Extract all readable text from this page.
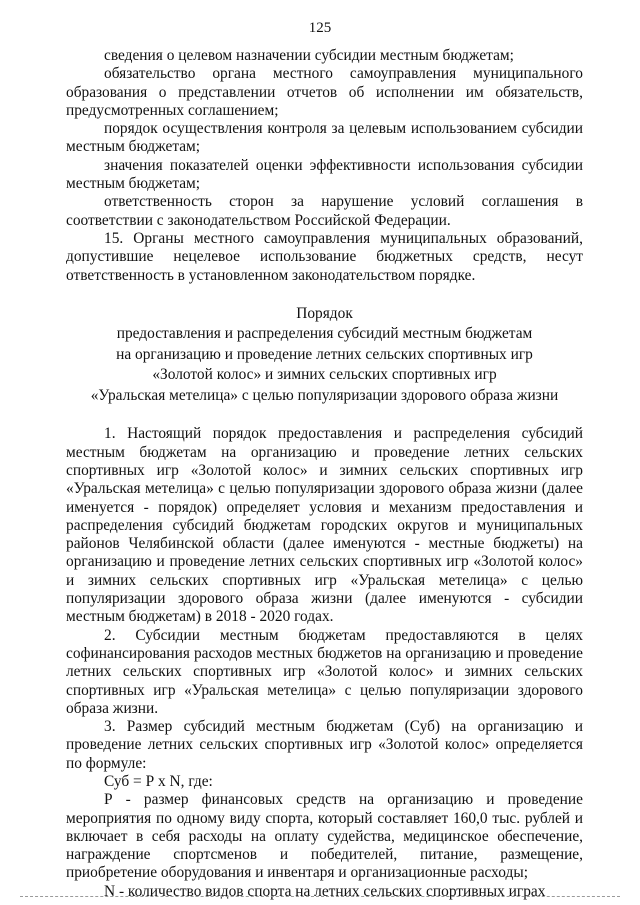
125

сведения о целевом назначении субсидии местным бюджетам;

обязательство органа местного самоуправления муниципального образования о представлении отчетов об исполнении им обязательств, предусмотренных соглашением;

порядок осуществления контроля за целевым использованием субсидии местным бюджетам;

значения показателей оценки эффективности использования субсидии местным бюджетам;

ответственность сторон за нарушение условий соглашения в соответствии с законодательством Российской Федерации.

15. Органы местного самоуправления муниципальных образований, допустившие нецелевое использование бюджетных средств, несут ответственность в установленном законодательством порядке.

Порядок
предоставления и распределения субсидий местным бюджетам
на организацию и проведение летних сельских спортивных игр
«Золотой колос» и зимних сельских спортивных игр
«Уральская метелица» с целью популяризации здорового образа жизни

1. Настоящий порядок предоставления и распределения субсидий местным бюджетам на организацию и проведение летних сельских спортивных игр «Золотой колос» и зимних сельских спортивных игр «Уральская метелица» с целью популяризации здорового образа жизни (далее именуется - порядок) определяет условия и механизм предоставления и распределения субсидий бюджетам городских округов и муниципальных районов Челябинской области (далее именуются - местные бюджеты) на организацию и проведение летних сельских спортивных игр «Золотой колос» и зимних сельских спортивных игр «Уральская метелица» с целью популяризации здорового образа жизни (далее именуются - субсидии местным бюджетам) в 2018 - 2020 годах.

2. Субсидии местным бюджетам предоставляются в целях софинансирования расходов местных бюджетов на организацию и проведение летних сельских спортивных игр «Золотой колос» и зимних сельских спортивных игр «Уральская метелица» с целью популяризации здорового образа жизни.

3. Размер субсидий местным бюджетам (Суб) на организацию и проведение летних сельских спортивных игр «Золотой колос» определяется по формуле:

Суб = Р х N, где:

Р - размер финансовых средств на организацию и проведение мероприятия по одному виду спорта, который составляет 160,0 тыс. рублей и включает в себя расходы на оплату судейства, медицинское обеспечение, награждение спортсменов и победителей, питание, размещение, приобретение оборудования и инвентаря и организационные расходы;

N - количество видов спорта на летних сельских спортивных играх
